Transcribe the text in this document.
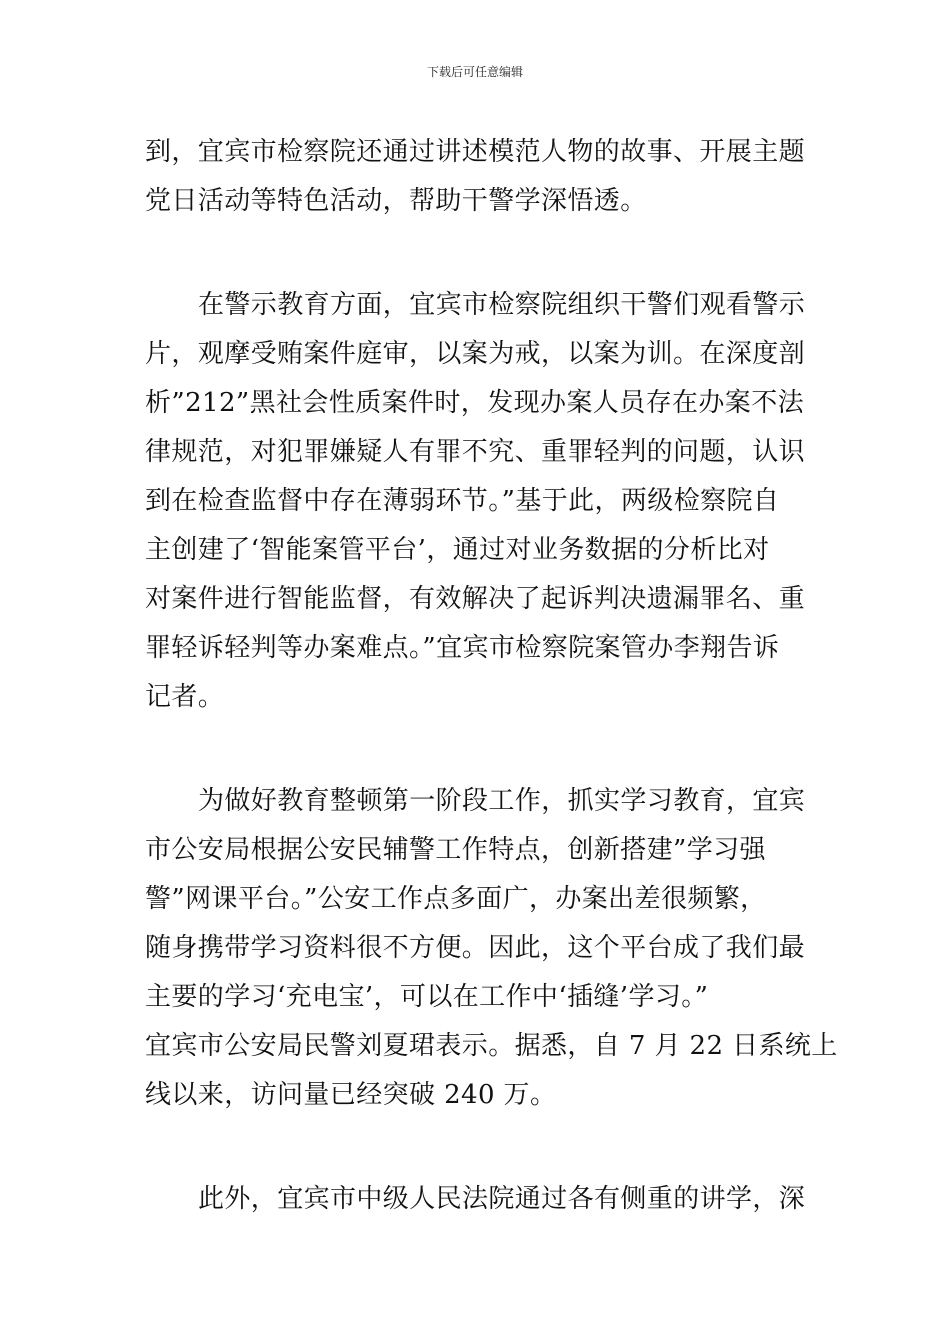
下载后可任意编辑
到，宜宾市检察院还通过讲述模范人物的故事、开展主题
党日活动等特色活动，帮助干警学深悟透。
在警示教育方面，宜宾市检察院组织干警们观看警示
片，观摩受贿案件庭审，以案为戒，以案为训。在深度剖
析”212”黑社会性质案件时，发现办案人员存在办案不法
律规范，对犯罪嫌疑人有罪不究、重罪轻判的问题，认识
到在检查监督中存在薄弱环节。”基于此，两级检察院自
主创建了‘智能案管平台’，通过对业务数据的分析比对
对案件进行智能监督，有效解决了起诉判决遗漏罪名、重
罪轻诉轻判等办案难点。”宜宾市检察院案管办李翔告诉
记者。
为做好教育整顿第一阶段工作，抓实学习教育，宜宾
市公安局根据公安民辅警工作特点，创新搭建”学习强
警”网课平台。”公安工作点多面广，办案出差很频繁，
随身携带学习资料很不方便。因此，这个平台成了我们最
主要的学习‘充电宝’，可以在工作中‘插缝’学习。”
宜宾市公安局民警刘夏珺表示。据悉，自 7 月 22 日系统上
线以来，访问量已经突破 240 万。
此外，宜宾市中级人民法院通过各有侧重的讲学，深
